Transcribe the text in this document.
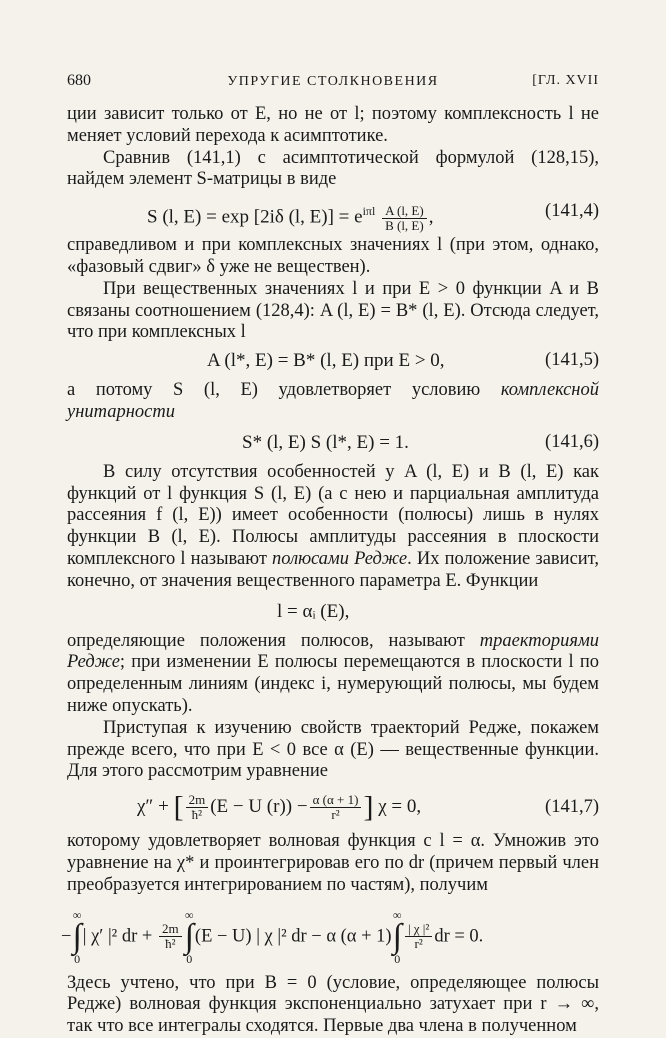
680	УПРУГИЕ СТОЛКНОВЕНИЯ	[ГЛ. XVII

ции зависит только от E, но не от l; поэтому комплексность l не меняет условий перехода к асимптотике.

Сравнив (141,1) с асимптотической формулой (128,15), найдем элемент S-матрицы в виде

S (l, E) = exp [2iδ (l, $E)] = e^{i\pi l} \frac{A (l, E)}{B (l, E)}$ ,	(141,4)

справедливом и при комплексных значениях l (при этом, однако, «фазовый сдвиг» δ уже не веществен).

При вещественных значениях l и при E > 0 функции A и B связаны соотношением (128,4): A (l, E) = B* (l, E). Отсюда следует, что при комплексных l

A (l*, E) = B* (l, E) при E > 0,	(141,5)

а потому S (l, E) удовлетворяет условию комплексной унитарности

S* (l, E) S (l*, E) = 1.	(141,6)

В силу отсутствия особенностей у A (l, E) и B (l, E) как функций от l функция S (l, E) (а с нею и парциальная амплитуда рассеяния f (l, E)) имеет особенности (полюсы) лишь в нулях функции B (l, E). Полюсы амплитуды рассеяния в плоскости комплексного l называют полюсами Редже. Их положение зависит, конечно, от значения вещественного параметра E. Функции

l = αᵢ (E),

определяющие положения полюсов, называют траекториями Редже; при изменении E полюсы перемещаются в плоскости l по определенным линиям (индекс i, нумерующий полюсы, мы будем ниже опускать).

Приступая к изучению свойств траекторий Редже, покажем прежде всего, что при E < 0 все α (E) — вещественные функции. Для этого рассмотрим уравнение

χ″ + [ $\frac{2m}{\text{ħ²}} (E - U$ $(r)) - \frac{\alpha (\alpha + 1)}{\text{r²}}$ ] χ = 0,	(141,7)

которому удовлетворяет волновая функция с l = α. Умножив это уравнение на χ* и проинтегрировав его по dr (причем первый член преобразуется интегрированием по частям), получим

−∞
∫
0| χ′ |² dr + $\frac{2m}{\text{ħ²}}$
∞
∫
0(E − U) | χ |² dr − α (α + 1)∞
∫
0
$\frac{\text{| χ |²}}{\text{r²}}$ dr = 0.

Здесь учтено, что при B = 0 (условие, определяющее полюсы Редже) волновая функция экспоненциально затухает при r → ∞, так что все интегралы сходятся. Первые два члена в полученном
